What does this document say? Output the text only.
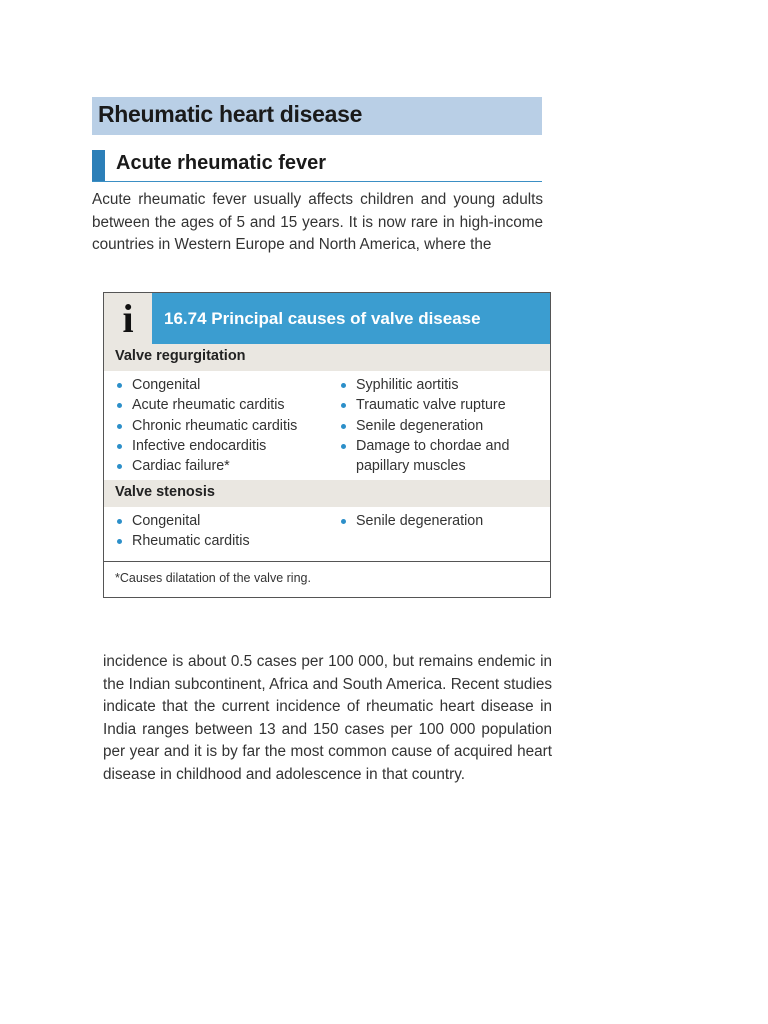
Rheumatic heart disease
Acute rheumatic fever
Acute rheumatic fever usually affects children and young adults between the ages of 5 and 15 years. It is now rare in high-income countries in Western Europe and North America, where the
i	16.74 Principal causes of valve disease
Valve regurgitation
Congenital
Acute rheumatic carditis
Chronic rheumatic carditis
Infective endocarditis
Cardiac failure*
Syphilitic aortitis
Traumatic valve rupture
Senile degeneration
Damage to chordae and papillary muscles
Valve stenosis
Congenital
Rheumatic carditis
Senile degeneration
*Causes dilatation of the valve ring.
incidence is about 0.5 cases per 100 000, but remains endemic in the Indian subcontinent, Africa and South America. Recent studies indicate that the current incidence of rheumatic heart disease in India ranges between 13 and 150 cases per 100 000 population per year and it is by far the most common cause of acquired heart disease in childhood and adolescence in that country.
